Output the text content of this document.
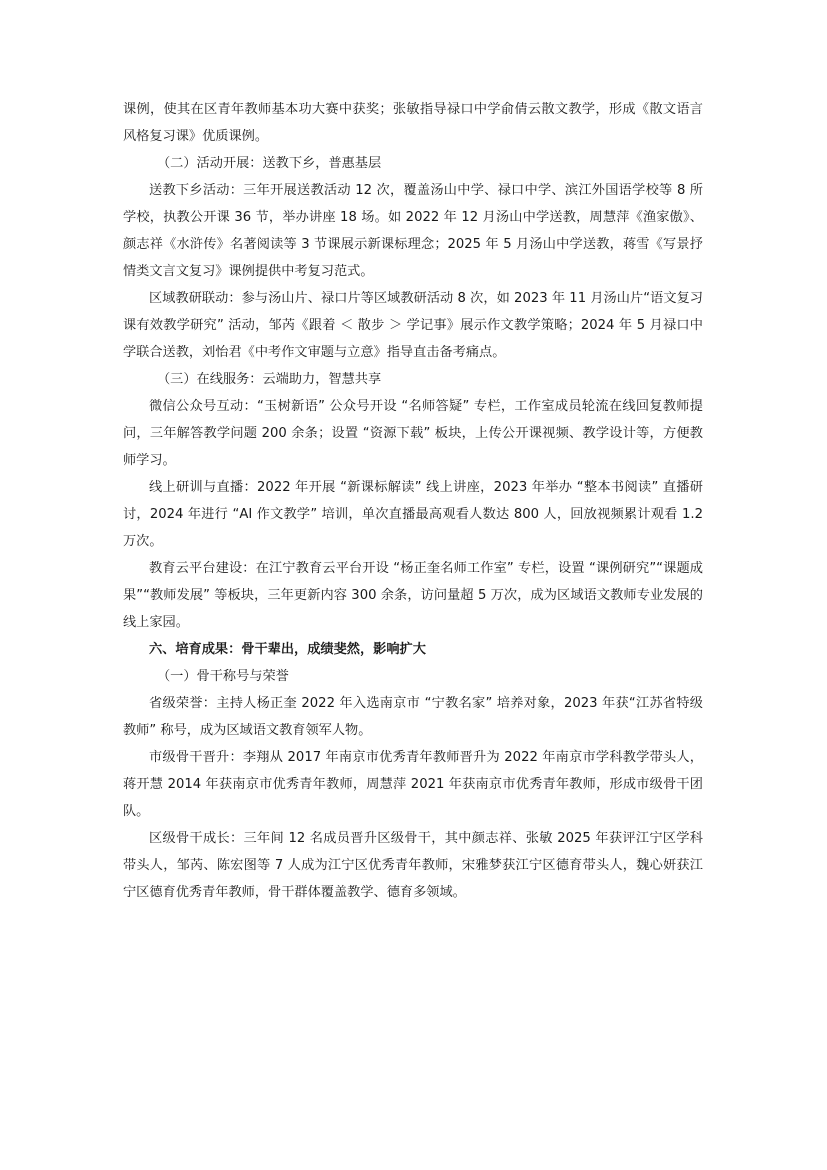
课例，使其在区青年教师基本功大赛中获奖；张敏指导禄口中学俞倩云散文教学，形成《散文语言风格复习课》优质课例。

（二）活动开展：送教下乡，普惠基层

送教下乡活动：三年开展送教活动 12 次，覆盖汤山中学、禄口中学、滨江外国语学校等 8 所学校，执教公开课 36 节，举办讲座 18 场。如 2022 年 12 月汤山中学送教，周慧萍《渔家傲》、颜志祥《水浒传》名著阅读等 3 节课展示新课标理念；2025 年 5 月汤山中学送教，蒋雪《写景抒情类文言文复习》课例提供中考复习范式。

区域教研联动：参与汤山片、禄口片等区域教研活动 8 次，如 2023 年 11 月汤山片“语文复习课有效教学研究” 活动，邹芮《跟着 ＜ 散步 ＞ 学记事》展示作文教学策略；2024 年 5 月禄口中学联合送教，刘怡君《中考作文审题与立意》指导直击备考痛点。

（三）在线服务：云端助力，智慧共享

微信公众号互动：“玉树新语” 公众号开设 “名师答疑” 专栏，工作室成员轮流在线回复教师提问，三年解答教学问题 200 余条；设置 “资源下载” 板块，上传公开课视频、教学设计等，方便教师学习。

线上研训与直播：2022 年开展 “新课标解读” 线上讲座，2023 年举办 “整本书阅读” 直播研讨，2024 年进行 “AI 作文教学” 培训，单次直播最高观看人数达 800 人，回放视频累计观看 1.2 万次。

教育云平台建设：在江宁教育云平台开设 “杨正奎名师工作室” 专栏，设置 “课例研究”“课题成果”“教师发展” 等板块，三年更新内容 300 余条，访问量超 5 万次，成为区域语文教师专业发展的线上家园。

六、培育成果：骨干辈出，成绩斐然，影响扩大

（一）骨干称号与荣誉

省级荣誉：主持人杨正奎 2022 年入选南京市 “宁教名家” 培养对象，2023 年获“江苏省特级教师” 称号，成为区域语文教育领军人物。

市级骨干晋升：李翔从 2017 年南京市优秀青年教师晋升为 2022 年南京市学科教学带头人，蒋开慧 2014 年获南京市优秀青年教师，周慧萍 2021 年获南京市优秀青年教师，形成市级骨干团队。

区级骨干成长：三年间 12 名成员晋升区级骨干，其中颜志祥、张敏 2025 年获评江宁区学科带头人，邹芮、陈宏图等 7 人成为江宁区优秀青年教师，宋雅梦获江宁区德育带头人，魏心妍获江宁区德育优秀青年教师，骨干群体覆盖教学、德育多领域。
